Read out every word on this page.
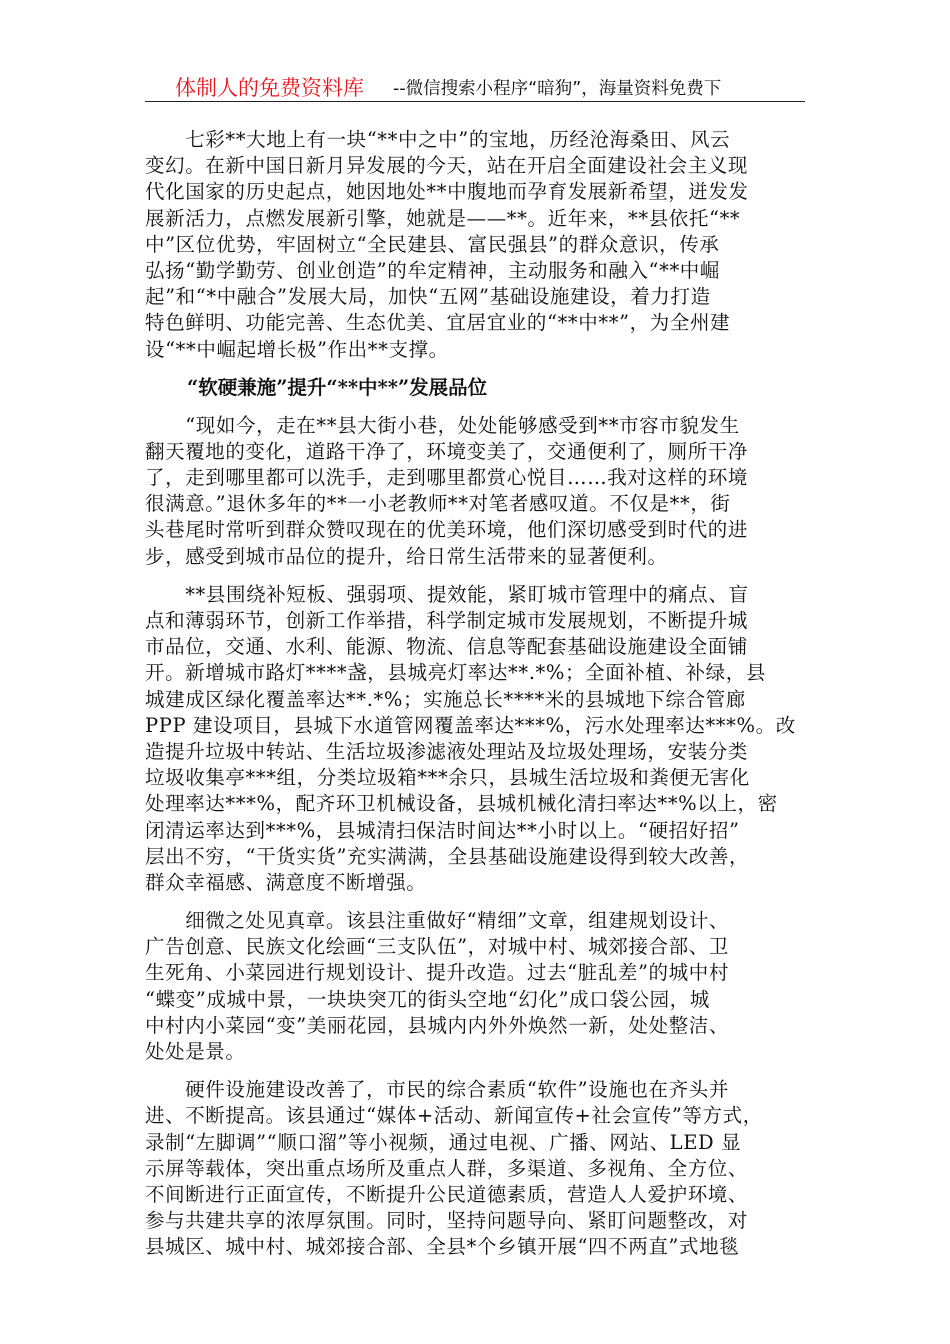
体制人的免费资料库 --微信搜索小程序“暗狗”，海量资料免费下
　　七彩**大地上有一块“**中之中”的宝地，历经沧海桑田、风云
变幻。在新中国日新月异发展的今天，站在开启全面建设社会主义现
代化国家的历史起点，她因地处**中腹地而孕育发展新希望，迸发发
展新活力，点燃发展新引擎，她就是——**。近年来，**县依托“**
中”区位优势，牢固树立“全民建县、富民强县”的群众意识，传承
弘扬“勤学勤劳、创业创造”的牟定精神，主动服务和融入“**中崛
起”和“*中融合”发展大局，加快“五网”基础设施建设，着力打造
特色鲜明、功能完善、生态优美、宜居宜业的“**中**”，为全州建
设“**中崛起增长极”作出**支撑。
“软硬兼施”提升“**中**”发展品位
　　“现如今，走在**县大街小巷，处处能够感受到**市容市貌发生
翻天覆地的变化，道路干净了，环境变美了，交通便利了，厕所干净
了，走到哪里都可以洗手，走到哪里都赏心悦目……我对这样的环境
很满意。”退休多年的**一小老教师**对笔者感叹道。不仅是**，街
头巷尾时常听到群众赞叹现在的优美环境，他们深切感受到时代的进
步，感受到城市品位的提升，给日常生活带来的显著便利。
　　**县围绕补短板、强弱项、提效能，紧盯城市管理中的痛点、盲
点和薄弱环节，创新工作举措，科学制定城市发展规划，不断提升城
市品位，交通、水利、能源、物流、信息等配套基础设施建设全面铺
开。新增城市路灯****盏，县城亮灯率达**.*%；全面补植、补绿，县
城建成区绿化覆盖率达**.*%；实施总长****米的县城地下综合管廊
PPP 建设项目，县城下水道管网覆盖率达***%，污水处理率达***%。改
造提升垃圾中转站、生活垃圾渗滤液处理站及垃圾处理场，安装分类
垃圾收集亭***组，分类垃圾箱***余只，县城生活垃圾和粪便无害化
处理率达***%，配齐环卫机械设备，县城机械化清扫率达**%以上，密
闭清运率达到***%，县城清扫保洁时间达**小时以上。“硬招好招”
层出不穷，“干货实货”充实满满，全县基础设施建设得到较大改善，
群众幸福感、满意度不断增强。
　　细微之处见真章。该县注重做好“精细”文章，组建规划设计、
广告创意、民族文化绘画“三支队伍”，对城中村、城郊接合部、卫
生死角、小菜园进行规划设计、提升改造。过去“脏乱差”的城中村
“蝶变”成城中景，一块块突兀的街头空地“幻化”成口袋公园，城
中村内小菜园“变”美丽花园，县城内内外外焕然一新，处处整洁、
处处是景。
　　硬件设施建设改善了，市民的综合素质“软件”设施也在齐头并
进、不断提高。该县通过“媒体+活动、新闻宣传+社会宣传”等方式，
录制“左脚调”“顺口溜”等小视频，通过电视、广播、网站、LED 显
示屏等载体，突出重点场所及重点人群，多渠道、多视角、全方位、
不间断进行正面宣传，不断提升公民道德素质，营造人人爱护环境、
参与共建共享的浓厚氛围。同时，坚持问题导向、紧盯问题整改，对
县城区、城中村、城郊接合部、全县*个乡镇开展“四不两直”式地毯
